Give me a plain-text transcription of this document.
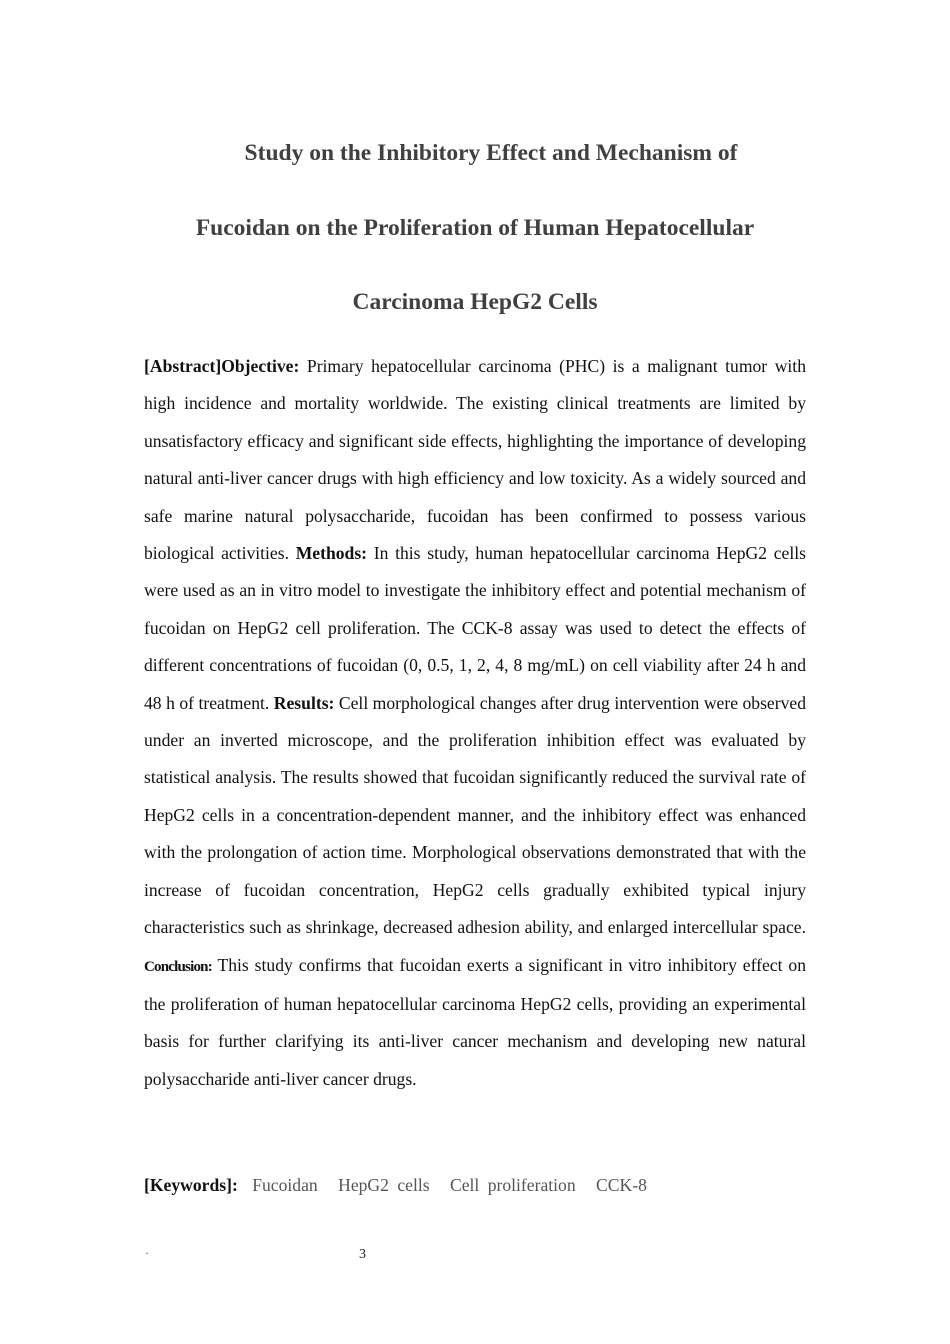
Study on the Inhibitory Effect and Mechanism of
Fucoidan on the Proliferation of Human Hepatocellular
Carcinoma HepG2 Cells
[Abstract]Objective: Primary hepatocellular carcinoma (PHC) is a malignant tumor with high incidence and mortality worldwide. The existing clinical treatments are limited by unsatisfactory efficacy and significant side effects, highlighting the importance of developing natural anti-liver cancer drugs with high efficiency and low toxicity. As a widely sourced and safe marine natural polysaccharide, fucoidan has been confirmed to possess various biological activities. Methods: In this study, human hepatocellular carcinoma HepG2 cells were used as an in vitro model to investigate the inhibitory effect and potential mechanism of fucoidan on HepG2 cell proliferation. The CCK-8 assay was used to detect the effects of different concentrations of fucoidan (0, 0.5, 1, 2, 4, 8 mg/mL) on cell viability after 24 h and 48 h of treatment. Results: Cell morphological changes after drug intervention were observed under an inverted microscope, and the proliferation inhibition effect was evaluated by statistical analysis. The results showed that fucoidan significantly reduced the survival rate of HepG2 cells in a concentration-dependent manner, and the inhibitory effect was enhanced with the prolongation of action time. Morphological observations demonstrated that with the increase of fucoidan concentration, HepG2 cells gradually exhibited typical injury characteristics such as shrinkage, decreased adhesion ability, and enlarged intercellular space. Conclusion: This study confirms that fucoidan exerts a significant in vitro inhibitory effect on the proliferation of human hepatocellular carcinoma HepG2 cells, providing an experimental basis for further clarifying its anti-liver cancer mechanism and developing new natural polysaccharide anti-liver cancer drugs.
[Keywords]: Fucoidan HepG2 cells Cell proliferation CCK-8
·	3
